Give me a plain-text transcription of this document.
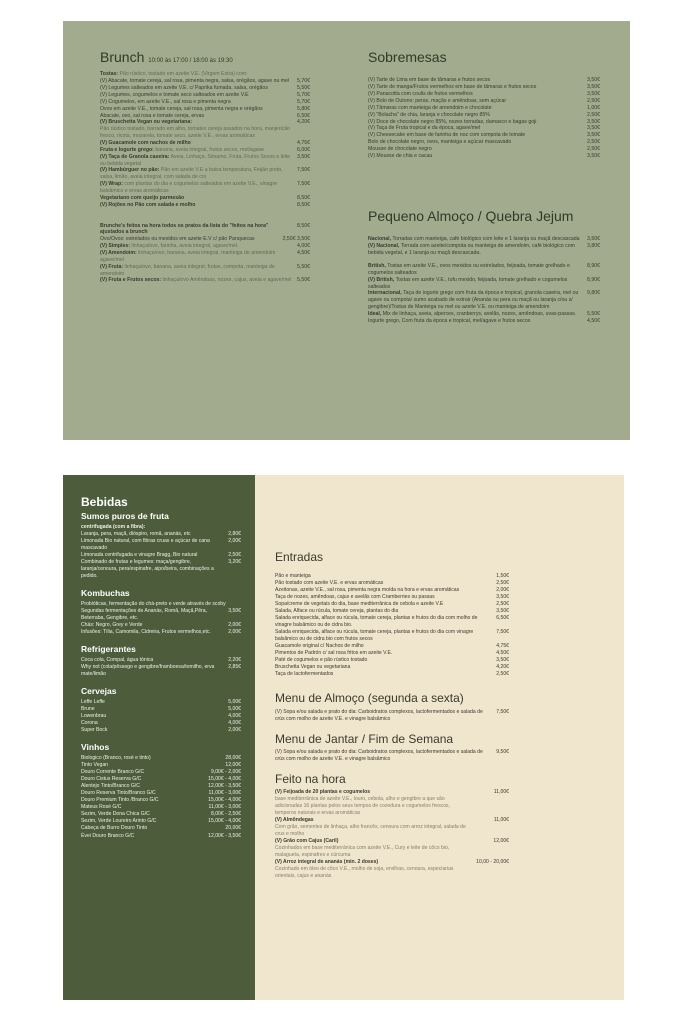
Brunch 10:00 às 17:00 / 18:00 às 19:30
Tostas: Pão rústico, tostado em azeite V.E. (Virgem Extra) com:
(V) Abacate, tomate cereja, sal rosa, pimenta negra, salsa, orégãos, agave ou mel	5,70€
(V) Legumes salteados em azeite V.E. c/ Paprika fumada, salsa, orégãos	5,50€
(V) Legumes, cogumelos e tomate seco salteados em azeite V.E	5,70€
(V) Cogumelos, em azeite V.E., sal rosa e pimenta negra	5,70€
Ovos em azeite V.E., tomate cereja, sal rosa, pimenta negra e orégãos	5,80€
Abacate, ovo, sal rosa e tomate cereja, ervas	6,50€
(V) Bruschetta Vegan ou vegetariana:	4,20€
Pão rústico tostado, barrado em alho, tomates cereja assados na hora, manjericão fresco, ricota, mozarela, tomate seco, azeite V.E., ervas aromáticas
(V) Guacamole com nachos de milho	4,75€
Fruta e Iogurte grego: banana, aveia integral, frutos secos, mel/agave	6,00€
(V) Taça de Granola caseira: Aveia, Linhaça, Sésamo, Fruta, Frutos Secos e leite ou bebida vegetal
3,50€
(V) Hambúrguer no pão: Pão em azeite V.E a baixa temperatura, Feijão preto, salsa, limão, aveia integral, com salada de cru
7,50€
(V) Wrap: com plantas do dia e cogumelos salteados em azeite V.E., vinagre balsâmico e ervas aromáticas
7,50€
Vegetariano com queijo parmesão	8,50€
(V) Rojões no Pão com salada e molho	8,50€
Brunche's feitos na hora todos os pratos da lista do "feitos na hora" ajustados a brunch
8,50€
Ovo/Ovos: estrelados ou mexidos em azeite E.V c/ pão Panquecas	2,50€ 3,50€
(V) Simples: linhaça/ovo, farinha, aveia integral, agave/mel.	4,00€
(V) Amendoim: linhaça/ovo, banana, aveia integral, manteiga de amendoim agave/mel
4,50€
(V) Fruta: linhaça/ovo, banana, aveia integral, frutas, compota, manteiga de amendoim
5,50€
(V) Fruta e Frutos secos: linhaça/ovo Amêndoas, nozes, cajus, aveia e agave/mel	5,50€
Sobremesas
(V) Tarte de Lima em base de tâmaras e frutos secos	3,50€
(V) Tarte de manga/Frutos vermelhos em base de tâmaras e frutos secos	3,50€
(V) Panacotta com coulis de frutos vermelhos	3,50€
(V) Bolo de Outono: peras, maçãs e amêndoas, sem açúcar	2,50€
(V) Tâmaras com manteiga de amendoim e chocolate	1,00€
(V) "Bolacha" de chia, laranja e chocolate negro 85%	2,50€
(V) Doce de chocolate negro 85%, nozes torradas, damasco e bagas goji	3,50€
(V) Taça de Fruta tropical e da época, agave/mel	3,50€
(V) Cheesecake em base de farinha de noz com compota de tomate	3,50€
Bolo de chocolate negro, ovos, manteiga e açúcar mascavado	2,50€
Mousse de chocolate negro	2,50€
(V) Mousse de chia e cacau	3,50€
Pequeno Almoço / Quebra Jejum
Nacional, Torradas com manteiga, café biológico com leite e 1 laranja ou maçã descascada	3,50€
(V) Nacional, Torrada com azeite/compota ou manteiga de amendoim, café biológico com bebida vegetal, e 1 laranja ou maçã descascada.
3,80€
British, Tostas em azeite V.E., ovos mexidos ou estrelados, feijoada, tomate grelhado e cogumelos salteados
8,90€
(V) British, Tostas em azeite V.E., tofu mexido, feijoada, tomate grelhado e cogumelos salteados
8,90€
Internacional, Taça de iogurte grego com fruta da época e tropical, granola caseira, mel ou agave ou compota/ sumo acabado de extrair (Ananás ou pera ou maçã ou laranja c/ou s/ gengibre)/Tostas de Manteiga ou mel ou azeite V.E. ou manteiga de amendoim
9,80€
Ideal, Mix de linhaça, aveia, alperces, cranberrys, avelãs, nozes, amêndoas, uvas-passas.	5,50€
Iogurte grego, Com fruta da época e tropical, mel/agave e frutos secos	4,50€
Bebidas
Sumos puros de fruta
centrifugada (com a fibra):
Laranja, pera, maçã, dióspiro, romã, ananás, etc	2,80€
Limonada Bio natural, com fibras cruas e açúcar de cana mascavado
2,00€
Limonada centrifugada e vinagre Bragg, Bio natural	2,50€
Combinado de frutas e legumes: maça/gengibre, laranja/cenoura, pera/espinafre, aipo/beira, combinações a pedido.
3,20€
Kombuchas
Probióticas, fermentação do chá-preto e verde através de scoby
Segundas fermentações de Ananás, Romã, Maçã,Pêra, Beterraba, Gengibre, etc.
3,50€
Chás: Negro, Grey e Verde	2,00€
Infusões: Tília, Camomila, Cidreira, Frutos vermelhos,etc.	2,00€
Refrigerantes
Coca cola, Compal, água tónica	2,20€
Why not (cola/pêssego e gengibre/framboesa/tomilho, erva mate/limão
2,85€
Cervejas
Leffe Leffe	5,00€
Brune	5,00€
Lowenbrau	4,00€
Corona	4,00€
Super Bock	2,00€
Vinhos
Biologico (Branco, rosé e tinto)	28,00€
Tinto Vegan	12,00€
Douro Corrente Branco G/C	9,00€ - 2,00€
Douro Cistus Reserva G/C	15,00€ - 4,00€
Alentejo Tinto/Branco G/C	12,00€ - 3,50€
Douro Reserva Tinto/Branco G/C	11,00€ - 3,00€
Douro Premium Tinto /Branco G/C	15,00€ - 4,00€
Mateus Rosé G/C	11,00€ - 3,00€
Sezim, Verde Dona Chica G/C	8,00€ - 2,50€
Sezim, Verde Loureiro Arinto G/C	15,00€ - 4,00€
Cabeça de Burro Douro Tinto	20,00€
Évei Douro Branco G/C	12,00€ - 3,50€
Entradas
Pão e manteiga	1,50€
Pão tostado com azeite V.E. e ervas aromáticas	2,50€
Azeitonas, azeite V.E., sal rosa, pimenta negra moída na hora e ervas aromáticas	2,00€
Taça de nozes, amêndoas, cajus e avelãs com Cramberries ou passas	3,50€
Sopa/creme de vegetais do dia, base mediterrânica de cebola e azeite V.E	2,50€
Salada, Alface ou rúcula, tomate cereja, plantas do dia	3,50€
Salada enriquecida, alface ou rúcula, tomate cereja, plantas e frutos do dia com molho de vinagre balsâmico ou de cidra bio.
6,50€
Salada enriquecida, alface ou rúcula, tomate cereja, plantas e frutos do dia com vinagre balsâmico ou de cidra bio com frutos secos
7,50€
Guacamole original c/ Nachos de milho	4,75€
Pimentos de Padrón c/ sal rosa fritos em azeite V.E.	4,50€
Paté de cogumelos e pão rústico tostado	3,50€
Bruschetta Vegan ou vegetariana	4,20€
Taça de lactofermentados	2,50€
Menu de Almoço (segunda a sexta)
(V) Sopa e/ou salada e prato do dia: Carboidratos complexos, lactofermentados e salada de crús com molho de azeite V.E. e vinagre balsâmico
7,50€
Menu de Jantar / Fim de Semana
(V) Sopa e/ou salada e prato do dia: Carboidratos complexos, lactofermentados e salada de crús com molho de azeite V.E. e vinagre balsâmico
9,50€
Feito na hora
(V) Feijoada de 20 plantas e cogumelos	11,00€
base mediterrânica de azeite V.E., louro, cebola, alho e gengibre a que são adicionadas 16 plantas pelos seus tempos de cozedura e cogumelos frescos, temperos naturais e ervas aromáticas
(V) Almôndegas	11,00€
Com grão, sementes de linhaça, alho francês, cenoura com arroz integral, salada de crus e molho
(V) Grão com Cajus (Caril)	12,00€
Cozinhados em base mediterrânica com azeite V.E., Cury e leite de côco bio, malagueta, espinafres e cúrcuma
(V) Arroz integral de ananás (min. 2 doses)	10,00 - 20,00€
Cozinhado em óleo de côco V.E., molho de soja, ervilhas, cenoura, especiarias orientais, cajus e ananás
